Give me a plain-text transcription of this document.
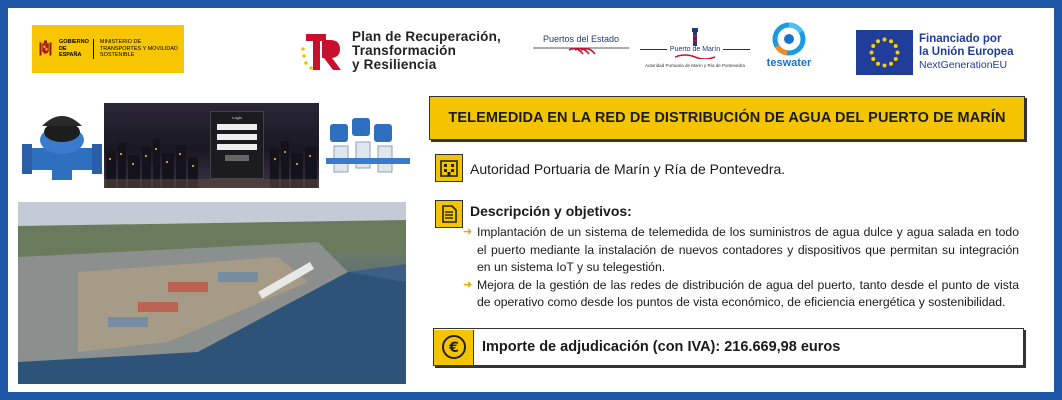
GOBIERNO DE ESPAÑA
MINISTERIO DE TRANSPORTES Y MOVILIDAD SOSTENIBLE
Plan de Recuperación,
Transformación
y Resiliencia
Puertos del Estado
Puerto de Marín
Autoridad Portuaria de Marín y Ría de Pontevedra teswater
Financiado por
la Unión Europea
NextGenerationEU
Login	TELEMEDIDA EN LA RED DE DISTRIBUCIÓN DE AGUA DEL PUERTO DE MARÍN
Autoridad Portuaria de Marín y Ría de Pontevedra.
Descripción y objetivos:
➜ Implantación de un sistema de telemedida de los suministros de agua dulce y agua salada en todo el puerto mediante la instalación de nuevos contadores y dispositivos que permitan su integración en un sistema IoT y su telegestión.
➜ Mejora de la gestión de las redes de distribución de agua del puerto, tanto desde el punto de vista de operativo como desde los puntos de vista económico, de eficiencia energética y sostenibilidad.
€ Importe de adjudicación (con IVA): 216.669,98 euros
